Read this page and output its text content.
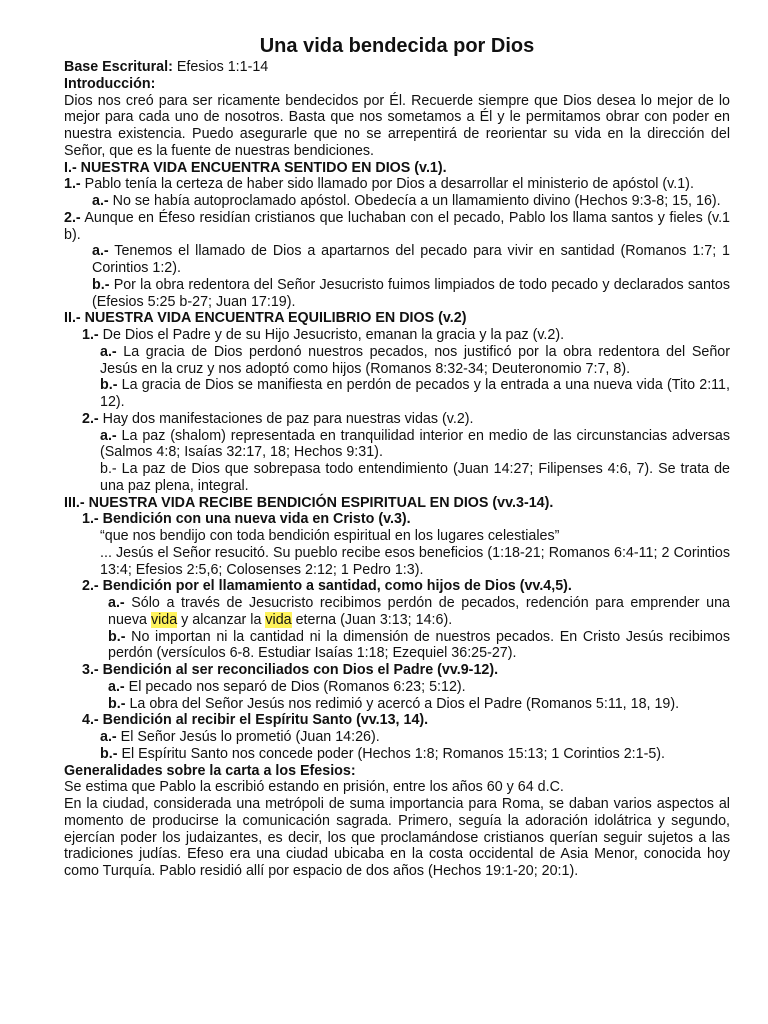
Una vida bendecida por Dios

Base Escritural: Efesios 1:1-14

Introducción:

Dios nos creó para ser ricamente bendecidos por Él. Recuerde siempre que Dios desea lo mejor de lo mejor para cada uno de nosotros. Basta que nos sometamos a Él y le permitamos obrar con poder en nuestra existencia. Puedo asegurarle que no se arrepentirá de reorientar su vida en la dirección del Señor, que es la fuente de nuestras bendiciones.

I.- NUESTRA VIDA ENCUENTRA SENTIDO EN DIOS (v.1).

1.- Pablo tenía la certeza de haber sido llamado por Dios a desarrollar el ministerio de apóstol (v.1).

a.- No se había autoproclamado apóstol. Obedecía a un llamamiento divino (Hechos 9:3-8; 15, 16).

2.- Aunque en Éfeso residían cristianos que luchaban con el pecado, Pablo los llama santos y fieles (v.1 b).

a.- Tenemos el llamado de Dios a apartarnos del pecado para vivir en santidad (Romanos 1:7; 1 Corintios 1:2).

b.- Por la obra redentora del Señor Jesucristo fuimos limpiados de todo pecado y declarados santos (Efesios 5:25 b-27; Juan 17:19).

II.- NUESTRA VIDA ENCUENTRA EQUILIBRIO EN DIOS (v.2)

1.- De Dios el Padre y de su Hijo Jesucristo, emanan la gracia y la paz (v.2).

a.- La gracia de Dios perdonó nuestros pecados, nos justificó por la obra redentora del Señor Jesús en la cruz y nos adoptó como hijos (Romanos 8:32-34; Deuteronomio 7:7, 8).

b.- La gracia de Dios se manifiesta en perdón de pecados y la entrada a una nueva vida (Tito 2:11, 12).

2.- Hay dos manifestaciones de paz para nuestras vidas (v.2).

a.- La paz (shalom) representada en tranquilidad interior en medio de las circunstancias adversas (Salmos 4:8; Isaías 32:17, 18; Hechos 9:31).

b.- La paz de Dios que sobrepasa todo entendimiento (Juan 14:27; Filipenses 4:6, 7). Se trata de una paz plena, integral.

III.- NUESTRA VIDA RECIBE BENDICIÓN ESPIRITUAL EN DIOS (vv.3-14).

1.- Bendición con una nueva vida en Cristo (v.3).

“que nos bendijo con toda bendición espiritual en los lugares celestiales”

... Jesús el Señor resucitó. Su pueblo recibe esos beneficios (1:18-21; Romanos 6:4-11; 2 Corintios 13:4; Efesios 2:5,6; Colosenses 2:12; 1 Pedro 1:3).

2.- Bendición por el llamamiento a santidad, como hijos de Dios (vv.4,5).

a.- Sólo a través de Jesucristo recibimos perdón de pecados, redención para emprender una nueva vida y alcanzar la vida eterna (Juan 3:13; 14:6).

b.- No importan ni la cantidad ni la dimensión de nuestros pecados. En Cristo Jesús recibimos perdón (versículos 6-8. Estudiar Isaías 1:18; Ezequiel 36:25-27).

3.- Bendición al ser reconciliados con Dios el Padre (vv.9-12).

a.- El pecado nos separó de Dios (Romanos 6:23; 5:12).

b.- La obra del Señor Jesús nos redimió y acercó a Dios el Padre (Romanos 5:11, 18, 19).

4.- Bendición al recibir el Espíritu Santo (vv.13, 14).

a.- El Señor Jesús lo prometió (Juan 14:26).

b.- El Espíritu Santo nos concede poder (Hechos 1:8; Romanos 15:13; 1 Corintios 2:1-5).

Generalidades sobre la carta a los Efesios:

Se estima que Pablo la escribió estando en prisión, entre los años 60 y 64 d.C.

En la ciudad, considerada una metrópoli de suma importancia para Roma, se daban varios aspectos al momento de producirse la comunicación sagrada. Primero, seguía la adoración idolátrica y segundo, ejercían poder los judaizantes, es decir, los que proclamándose cristianos querían seguir sujetos a las tradiciones judías. Efeso era una ciudad ubicaba en la costa occidental de Asia Menor, conocida hoy como Turquía. Pablo residió allí por espacio de dos años (Hechos 19:1-20; 20:1).
